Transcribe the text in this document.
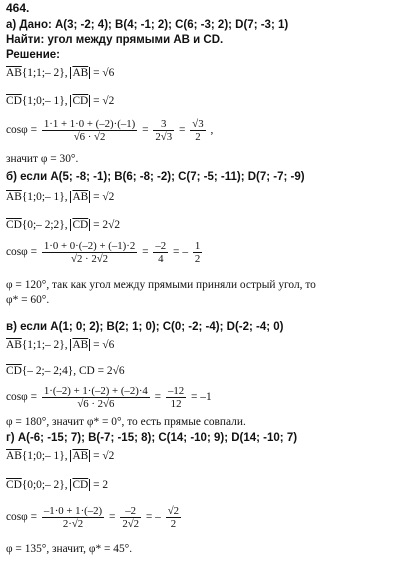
464.
а) Дано: A(3; -2; 4); B(4; -1; 2); C(6; -3; 2); D(7; -3; 1)
Найти: угол между прямыми AB и CD.
Решение:
$\overline{AB}\{1;1;-$ 2}, $\overline{AB} = √6$
$\overline{CD}\{1;0;-$ 1}, $\overline{CD} = √2$
$\cos\varphi = \frac{1\cdot 1 + 1\cdot 0 + (-2)\cdot(-1)}{√6 \cdot √2} = \frac{3}{2√3} = \frac{√3}{2}$ ,
значит φ = 30°.
б) если A(5; -8; -1); B(6; -8; -2); C(7; -5; -11); D(7; -7; -9)
$\overline{AB}\{1;0;-$ 1}, $\overline{AB} = √2$
$\overline{CD}\{0;-$ 2;2}, $\overline{CD} = 2√2$
$\cos\varphi = \frac{1\cdot 0 + 0\cdot(-2) + (-1)\cdot 2}{√2 \cdot 2√2} = \frac{-2}{4}$ = – $\frac{1}{2}$
φ = 120°, так как угол между прямыми приняли острый угол, то
φ* = 60°.
в) если A(1; 0; 2); B(2; 1; 0); C(0; -2; -4); D(-2; -4; 0)
$\overline{AB}\{1;1;-$ 2}, $\overline{AB} = √6$
$\overline{CD}\{-$ 2;– 2;4}, CD = 2√6
$\cos\varphi = \frac{1\cdot(-2) + 1\cdot(-2) + (-2)\cdot 4}{√6 \cdot 2√6} = \frac{-12}{12} = -1$
φ = 180°, значит φ* = 0°, то есть прямые совпали.
г) A(-6; -15; 7); B(-7; -15; 8); C(14; -10; 9); D(14; -10; 7)
$\overline{AB}\{1;0;-$ 1}, $\overline{AB} = √2$
$\overline{CD}\{0;0;-$ 2}, $\overline{CD} = 2$
$\cos\varphi = \frac{-1\cdot 0 + 1\cdot(-2)}{2\cdot√2} = \frac{-2}{2√2}$ = – $\frac{√2}{2}$
φ = 135°, значит, φ* = 45°.
